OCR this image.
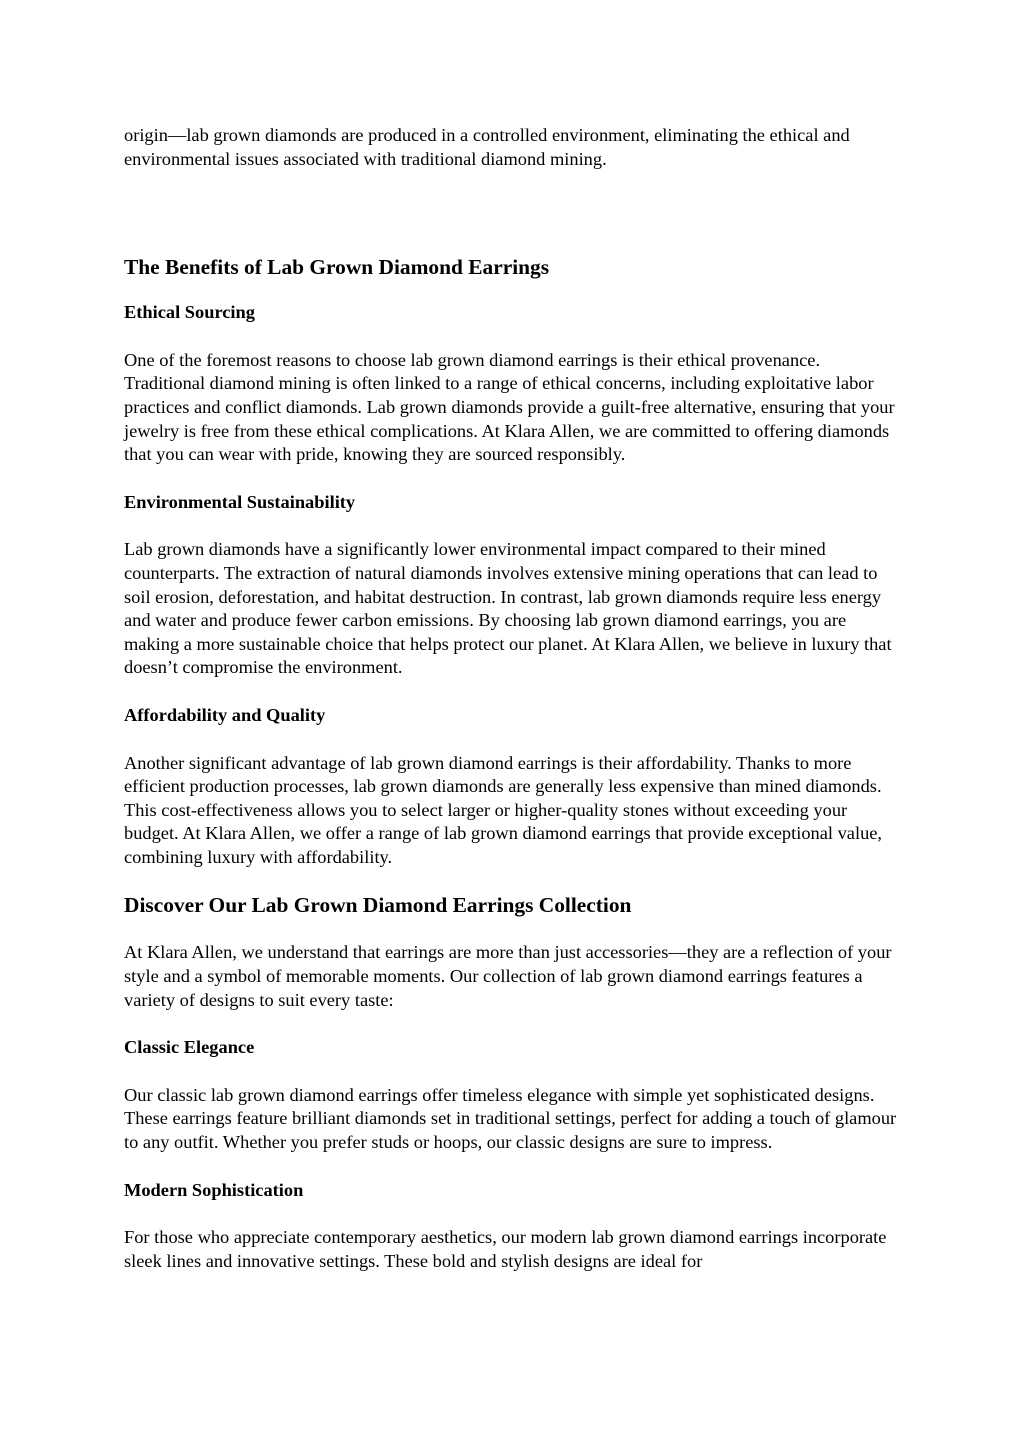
origin—lab grown diamonds are produced in a controlled environment, eliminating the ethical and environmental issues associated with traditional diamond mining.

The Benefits of Lab Grown Diamond Earrings
Ethical Sourcing

One of the foremost reasons to choose lab grown diamond earrings is their ethical provenance. Traditional diamond mining is often linked to a range of ethical concerns, including exploitative labor practices and conflict diamonds. Lab grown diamonds provide a guilt-free alternative, ensuring that your jewelry is free from these ethical complications. At Klara Allen, we are committed to offering diamonds that you can wear with pride, knowing they are sourced responsibly.

Environmental Sustainability

Lab grown diamonds have a significantly lower environmental impact compared to their mined counterparts. The extraction of natural diamonds involves extensive mining operations that can lead to soil erosion, deforestation, and habitat destruction. In contrast, lab grown diamonds require less energy and water and produce fewer carbon emissions. By choosing lab grown diamond earrings, you are making a more sustainable choice that helps protect our planet. At Klara Allen, we believe in luxury that doesn’t compromise the environment.

Affordability and Quality

Another significant advantage of lab grown diamond earrings is their affordability. Thanks to more efficient production processes, lab grown diamonds are generally less expensive than mined diamonds. This cost-effectiveness allows you to select larger or higher-quality stones without exceeding your budget. At Klara Allen, we offer a range of lab grown diamond earrings that provide exceptional value, combining luxury with affordability.

Discover Our Lab Grown Diamond Earrings Collection

At Klara Allen, we understand that earrings are more than just accessories—they are a reflection of your style and a symbol of memorable moments. Our collection of lab grown diamond earrings features a variety of designs to suit every taste:

Classic Elegance

Our classic lab grown diamond earrings offer timeless elegance with simple yet sophisticated designs. These earrings feature brilliant diamonds set in traditional settings, perfect for adding a touch of glamour to any outfit. Whether you prefer studs or hoops, our classic designs are sure to impress.

Modern Sophistication

For those who appreciate contemporary aesthetics, our modern lab grown diamond earrings incorporate sleek lines and innovative settings. These bold and stylish designs are ideal for
